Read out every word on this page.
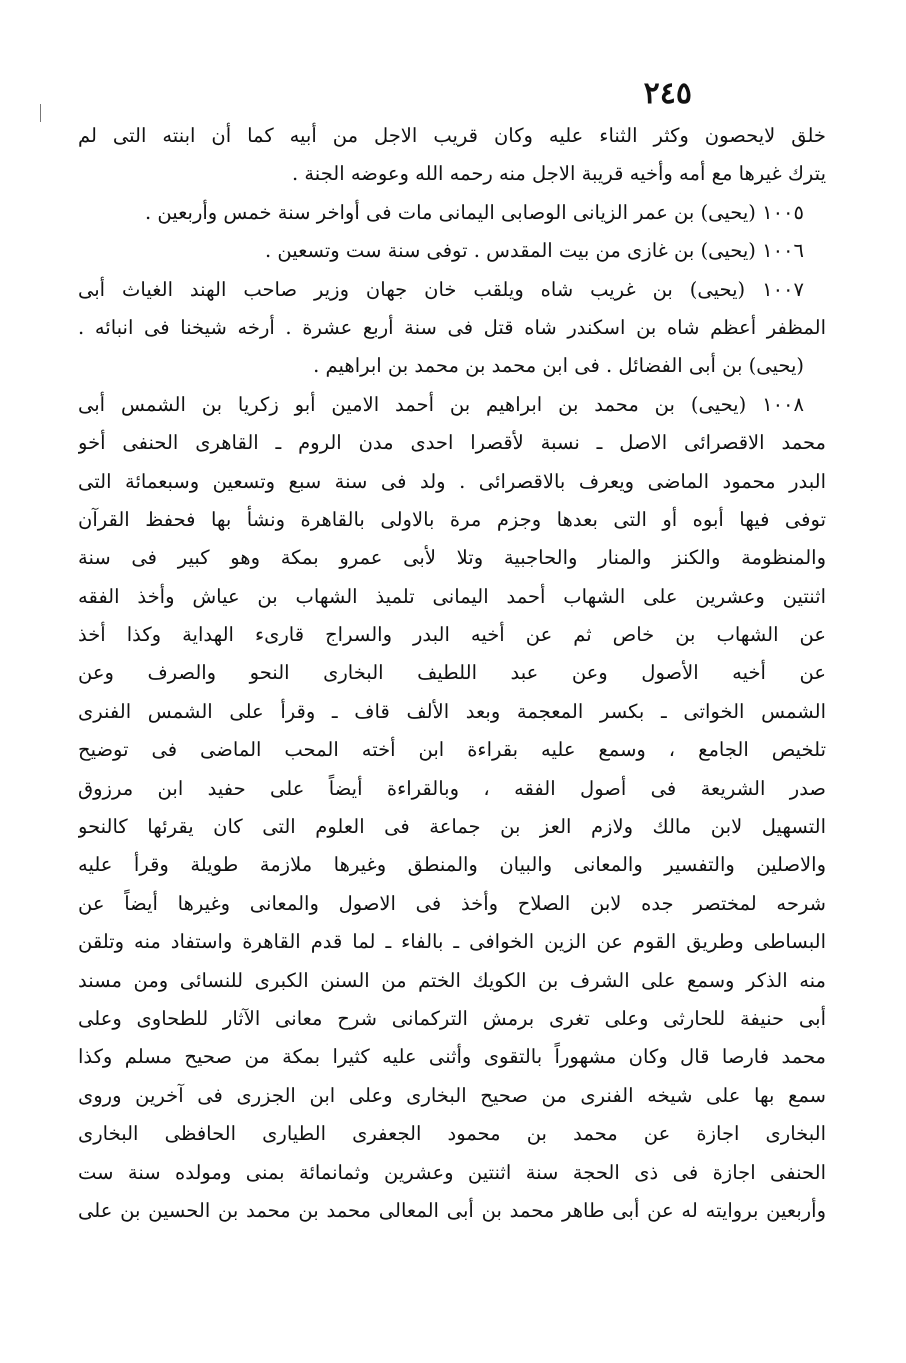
٢٤٥
خلق لايحصون وكثر الثناء عليه وكان قريب الاجل من أبيه كما أن ابنته التى لم
يترك غيرها مع أمه وأخيه قريبة الاجل منه رحمه الله وعوضه الجنة .
١٠٠٥ (يحيى) بن عمر الزيانى الوصابى اليمانى مات فى أواخر سنة خمس وأربعين .
١٠٠٦ (يحيى) بن غازى من بيت المقدس . توفى سنة ست وتسعين .
١٠٠٧ (يحيى) بن غريب شاه ويلقب خان جهان وزير صاحب الهند الغياث أبى
المظفر أعظم شاه بن اسكندر شاه قتل فى سنة أربع عشرة . أرخه شيخنا فى انبائه .
(يحيى) بن أبى الفضائل . فى ابن محمد بن محمد بن ابراهيم .
١٠٠٨ (يحيى) بن محمد بن ابراهيم بن أحمد الامين أبو زكريا بن الشمس أبى
محمد الاقصرائى الاصل ـ نسبة لأقصرا احدى مدن الروم ـ القاهرى الحنفى أخو
البدر محمود الماضى ويعرف بالاقصرائى . ولد فى سنة سبع وتسعين وسبعمائة التى
توفى فيها أبوه أو التى بعدها وجزم مرة بالاولى بالقاهرة ونشأ بها فحفظ القرآن
والمنظومة والكنز والمنار والحاجبية وتلا لأبى عمرو بمكة وهو كبير فى سنة
اثنتين وعشرين على الشهاب أحمد اليمانى تلميذ الشهاب بن عياش وأخذ الفقه
عن الشهاب بن خاص ثم عن أخيه البدر والسراج قارىء الهداية وكذا أخذ
عن أخيه الأصول وعن عبد اللطيف البخارى النحو والصرف وعن
الشمس الخواتى ـ بكسر المعجمة وبعد الألف قاف ـ وقرأ على الشمس الفنرى
تلخيص الجامع ، وسمع عليه بقراءة ابن أخته المحب الماضى فى توضيح
صدر الشريعة فى أصول الفقه ، وبالقراءة أيضاً على حفيد ابن مرزوق
التسهيل لابن مالك ولازم العز بن جماعة فى العلوم التى كان يقرئها كالنحو
والاصلين والتفسير والمعانى والبيان والمنطق وغيرها ملازمة طويلة وقرأ عليه
شرحه لمختصر جده لابن الصلاح وأخذ فى الاصول والمعانى وغيرها أيضاً عن
البساطى وطريق القوم عن الزين الخوافى ـ بالفاء ـ لما قدم القاهرة واستفاد منه وتلقن
منه الذكر وسمع على الشرف بن الكويك الختم من السنن الكبرى للنسائى ومن مسند
أبى حنيفة للحارثى وعلى تغرى برمش التركمانى شرح معانى الآثار للطحاوى وعلى
محمد فارصا قال وكان مشهوراً بالتقوى وأثنى عليه كثيرا بمكة من صحيح مسلم وكذا
سمع بها على شيخه الفنرى من صحيح البخارى وعلى ابن الجزرى فى آخرين وروى
البخارى اجازة عن محمد بن محمود الجعفرى الطيارى الحافظى البخارى
الحنفى اجازة فى ذى الحجة سنة اثنتين وعشرين وثمانمائة بمنى ومولده سنة ست
وأربعين بروايته له عن أبى طاهر محمد بن أبى المعالى محمد بن محمد بن الحسين بن على
